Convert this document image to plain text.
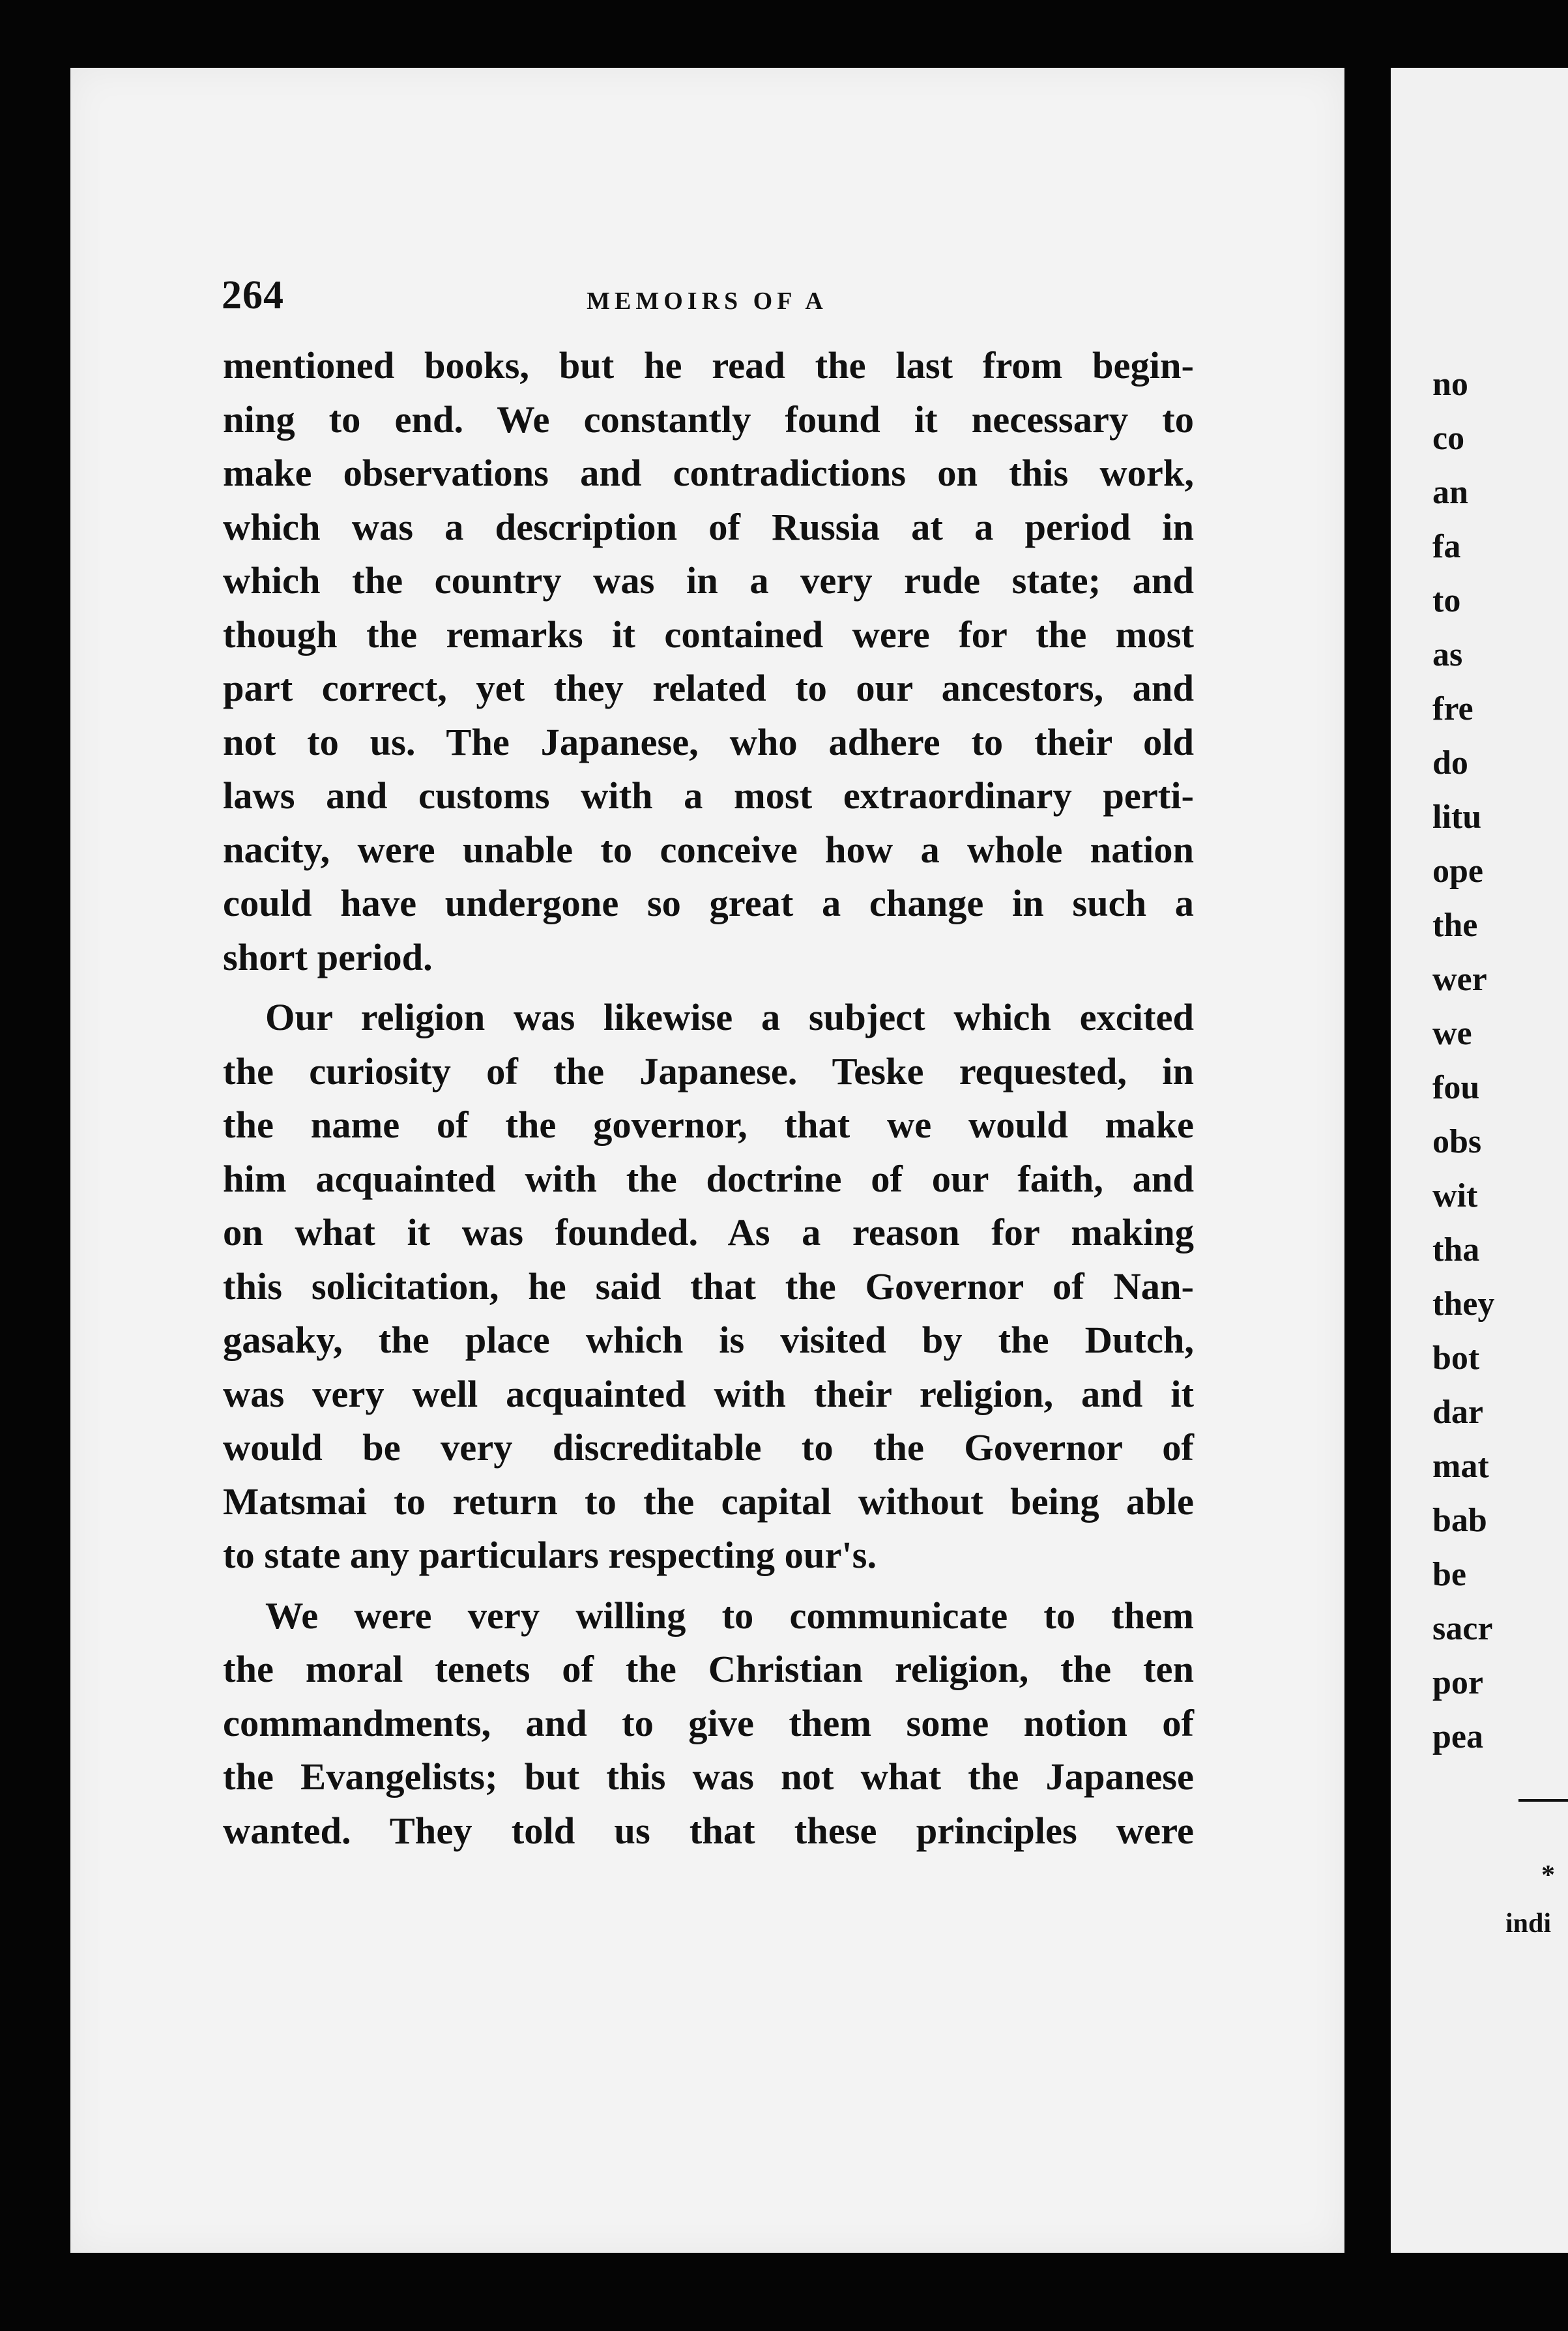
264	MEMOIRS OF A
mentioned books, but he read the last from begin-
ning to end. We constantly found it necessary to
make observations and contradictions on this work,
which was a description of Russia at a period in
which the country was in a very rude state; and
though the remarks it contained were for the most
part correct, yet they related to our ancestors, and
not to us. The Japanese, who adhere to their old
laws and customs with a most extraordinary perti-
nacity, were unable to conceive how a whole nation
could have undergone so great a change in such a
short period.
Our religion was likewise a subject which excited
the curiosity of the Japanese. Teske requested, in
the name of the governor, that we would make
him acquainted with the doctrine of our faith, and
on what it was founded. As a reason for making
this solicitation, he said that the Governor of Nan-
gasaky, the place which is visited by the Dutch,
was very well acquainted with their religion, and it
would be very discreditable to the Governor of
Matsmai to return to the capital without being able
to state any particulars respecting our's.
We were very willing to communicate to them
the moral tenets of the Christian religion, the ten
commandments, and to give them some notion of
the Evangelists; but this was not what the Japanese
wanted. They told us that these principles were
no
co
an
fa
to
as
fre
do
litu
ope
the
wer
we
fou
obs
wit
tha
they
bot
dar
mat
bab
be
sacr
por
pea
*
indi
